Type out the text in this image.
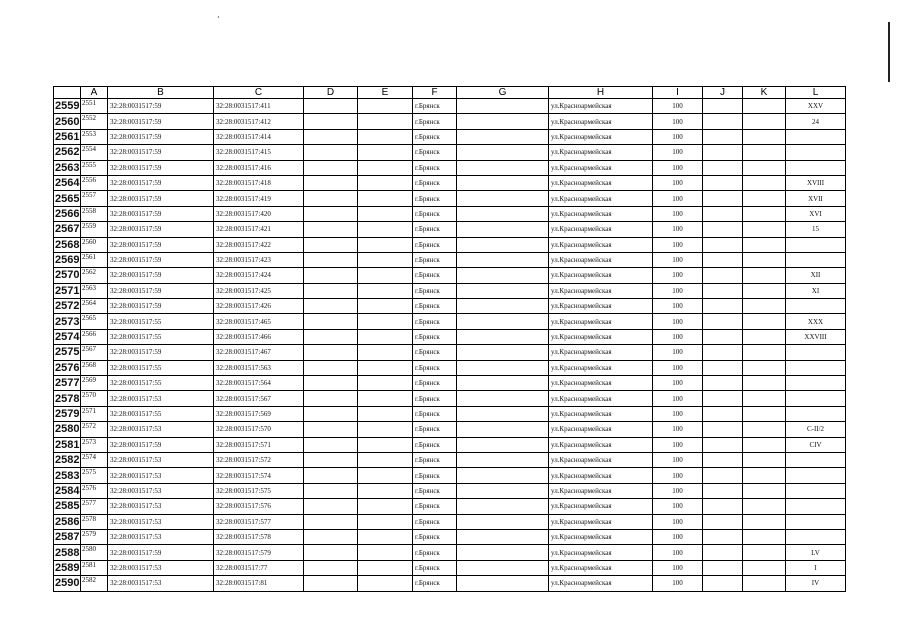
	A	B	C	D	E	F	G	H	I	J	K	L
2559	2551	32:28:0031517:59	32:28:0031517:411			г.Брянск		ул.Красноармейская	100			XXV
2560	2552	32:28:0031517:59	32:28:0031517:412			г.Брянск		ул.Красноармейская	100			24
2561	2553	32:28:0031517:59	32:28:0031517:414			г.Брянск		ул.Красноармейская	100			
2562	2554	32:28:0031517:59	32:28:0031517:415			г.Брянск		ул.Красноармейская	100			
2563	2555	32:28:0031517:59	32:28:0031517:416			г.Брянск		ул.Красноармейская	100			
2564	2556	32:28:0031517:59	32:28:0031517:418			г.Брянск		ул.Красноармейская	100			XVIII
2565	2557	32:28:0031517:59	32:28:0031517:419			г.Брянск		ул.Красноармейская	100			XVII
2566	2558	32:28:0031517:59	32:28:0031517:420			г.Брянск		ул.Красноармейская	100			XVI
2567	2559	32:28:0031517:59	32:28:0031517:421			г.Брянск		ул.Красноармейская	100			15
2568	2560	32:28:0031517:59	32:28:0031517:422			г.Брянск		ул.Красноармейская	100			
2569	2561	32:28:0031517:59	32:28:0031517:423			г.Брянск		ул.Красноармейская	100			
2570	2562	32:28:0031517:59	32:28:0031517:424			г.Брянск		ул.Красноармейская	100			XII
2571	2563	32:28:0031517:59	32:28:0031517:425			г.Брянск		ул.Красноармейская	100			XI
2572	2564	32:28:0031517:59	32:28:0031517:426			г.Брянск		ул.Красноармейская	100			
2573	2565	32:28:0031517:55	32:28:0031517:465			г.Брянск		ул.Красноармейская	100			XXX
2574	2566	32:28:0031517:55	32:28:0031517:466			г.Брянск		ул.Красноармейская	100			XXVIII
2575	2567	32:28:0031517:59	32:28:0031517:467			г.Брянск		ул.Красноармейская	100			
2576	2568	32:28:0031517:55	32:28:0031517:563			г.Брянск		ул.Красноармейская	100			
2577	2569	32:28:0031517:55	32:28:0031517:564			г.Брянск		ул.Красноармейская	100			
2578	2570	32:28:0031517:53	32:28:0031517:567			г.Брянск		ул.Красноармейская	100			
2579	2571	32:28:0031517:55	32:28:0031517:569			г.Брянск		ул.Красноармейская	100			
2580	2572	32:28:0031517:53	32:28:0031517:570			г.Брянск		ул.Красноармейская	100			С-II/2
2581	2573	32:28:0031517:59	32:28:0031517:571			г.Брянск		ул.Красноармейская	100			CIV
2582	2574	32:28:0031517:53	32:28:0031517:572			г.Брянск		ул.Красноармейская	100			
2583	2575	32:28:0031517:53	32:28:0031517:574			г.Брянск		ул.Красноармейская	100			
2584	2576	32:28:0031517:53	32:28:0031517:575			г.Брянск		ул.Красноармейская	100			
2585	2577	32:28:0031517:53	32:28:0031517:576			г.Брянск		ул.Красноармейская	100			
2586	2578	32:28:0031517:53	32:28:0031517:577			г.Брянск		ул.Красноармейская	100			
2587	2579	32:28:0031517:53	32:28:0031517:578			г.Брянск		ул.Красноармейская	100			
2588	2580	32:28:0031517:59	32:28:0031517:579			г.Брянск		ул.Красноармейская	100			LV
2589	2581	32:28:0031517:53	32:28:0031517:77			г.Брянск		ул.Красноармейская	100			I
2590	2582	32:28:0031517:53	32:28:0031517:81			г.Брянск		ул.Красноармейская	100			IV
